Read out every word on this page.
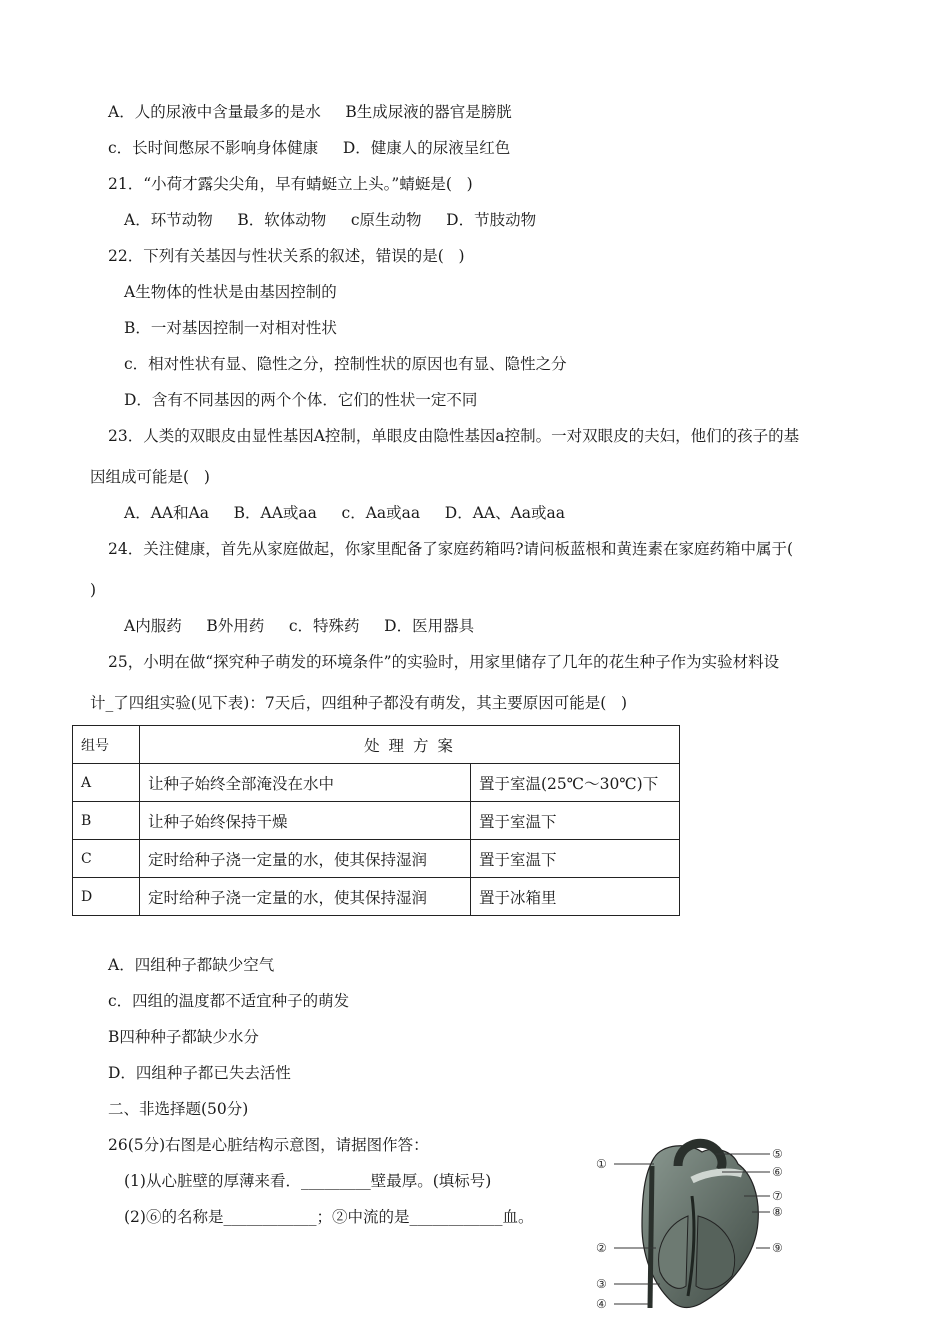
A．人的尿液中含量最多的是水     B生成尿液的器官是膀胱
c．长时间憋尿不影响身体健康     D．健康人的尿液呈红色
21．“小荷才露尖尖角，早有蜻蜓立上头。”蜻蜓是(   )
A．环节动物     B．软体动物     c原生动物     D．节肢动物
22．下列有关基因与性状关系的叙述，错误的是(   )
A生物体的性状是由基因控制的
B．一对基因控制一对相对性状
c．相对性状有显、隐性之分，控制性状的原因也有显、隐性之分
D．含有不同基因的两个个体．它们的性状一定不同
23．人类的双眼皮由显性基因A控制，单眼皮由隐性基因a控制。一对双眼皮的夫妇，他们的孩子的基
因组成可能是(   )
A．AA和Aa     B．AA或aa     c．Aa或aa     D．AA、Aa或aa
24．关注健康，首先从家庭做起，你家里配备了家庭药箱吗?请问板蓝根和黄连素在家庭药箱中属于(
)
A内服药     B外用药     c．特殊药     D．医用器具
25，小明在做“探究种子萌发的环境条件”的实验时，用家里储存了几年的花生种子作为实验材料设
计_了四组实验(见下表)：7天后，四组种子都没有萌发，其主要原因可能是(   )
组号	处 理 方 案	
A	让种子始终全部淹没在水中	置于室温(25℃～30℃)下
B	让种子始终保持干燥	置于室温下
C	定时给种子浇一定量的水，使其保持湿润	置于室温下
D	定时给种子浇一定量的水，使其保持湿润	置于冰箱里
A．四组种子都缺少空气
c．四组的温度都不适宜种子的萌发
B四种种子都缺少水分
D．四组种子都已失去活性
二、非选择题(50分)
26(5分)右图是心脏结构示意图，请据图作答：
(1)从心脏壁的厚薄来看．_________壁最厚。(填标号)
(2)⑥的名称是____________；②中流的是____________血。
①
②
③
④
⑤
⑥
⑦
⑧
⑨
